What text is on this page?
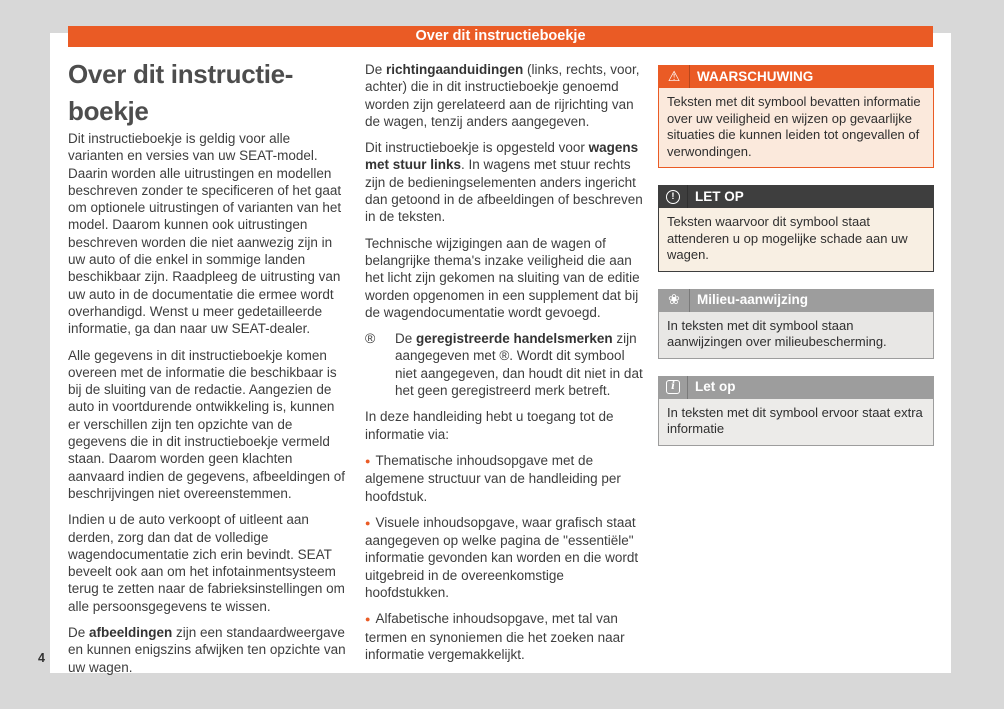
Over dit instructieboekje
Over dit instructie-
boekje

Dit instructieboekje is geldig voor alle varianten en versies van uw SEAT-model. Daarin worden alle uitrustingen en modellen beschreven zonder te specificeren of het gaat om optionele uitrustingen of varianten van het model. Daarom kunnen ook uitrustingen beschreven worden die niet aanwezig zijn in uw auto of die enkel in sommige landen beschikbaar zijn. Raadpleeg de uitrusting van uw auto in de documentatie die ermee wordt overhandigd. Wenst u meer gedetailleerde informatie, ga dan naar uw SEAT-dealer.

Alle gegevens in dit instructieboekje komen overeen met de informatie die beschikbaar is bij de sluiting van de redactie. Aangezien de auto in voortdurende ontwikkeling is, kunnen er verschillen zijn ten opzichte van de gegevens die in dit instructieboekje vermeld staan. Daarom worden geen klachten aanvaard indien de gegevens, afbeeldingen of beschrijvingen niet overeenstemmen.

Indien u de auto verkoopt of uitleent aan derden, zorg dan dat de volledige wagendocumentatie zich erin bevindt. SEAT beveelt ook aan om het infotainmentsysteem terug te zetten naar de fabrieksinstellingen om alle persoonsgegevens te wissen.

De afbeeldingen zijn een standaardweergave en kunnen enigszins afwijken ten opzichte van uw wagen.

De richtingaanduidingen (links, rechts, voor, achter) die in dit instructieboekje genoemd worden zijn gerelateerd aan de rijrichting van de wagen, tenzij anders aangegeven.

Dit instructieboekje is opgesteld voor wagens met stuur links. In wagens met stuur rechts zijn de bedieningselementen anders ingericht dan getoond in de afbeeldingen of beschreven in de teksten.

Technische wijzigingen aan de wagen of belangrijke thema's inzake veiligheid die aan het licht zijn gekomen na sluiting van de editie worden opgenomen in een supplement dat bij de wagendocumentatie wordt gevoegd.

®	De geregistreerde handelsmerken zijn aangegeven met ®. Wordt dit symbool niet aangegeven, dan houdt dit niet in dat het geen geregistreerd merk betreft.

In deze handleiding hebt u toegang tot de informatie via:

● Thematische inhoudsopgave met de algemene structuur van de handleiding per hoofdstuk.

● Visuele inhoudsopgave, waar grafisch staat aangegeven op welke pagina de "essentiële" informatie gevonden kan worden en die wordt uitgebreid in de overeenkomstige hoofdstukken.

● Alfabetische inhoudsopgave, met tal van termen en synoniemen die het zoeken naar informatie vergemakkelijkt.

⚠ WAARSCHUWING
Teksten met dit symbool bevatten informatie over uw veiligheid en wijzen op gevaarlijke situaties die kunnen leiden tot ongevallen of verwondingen.
!	LET OP
Teksten waarvoor dit symbool staat attenderen u op mogelijke schade aan uw wagen.
❀ Milieu-aanwijzing
In teksten met dit symbool staan aanwijzingen over milieubescherming.
i	Let op
In teksten met dit symbool ervoor staat extra informatie
4
